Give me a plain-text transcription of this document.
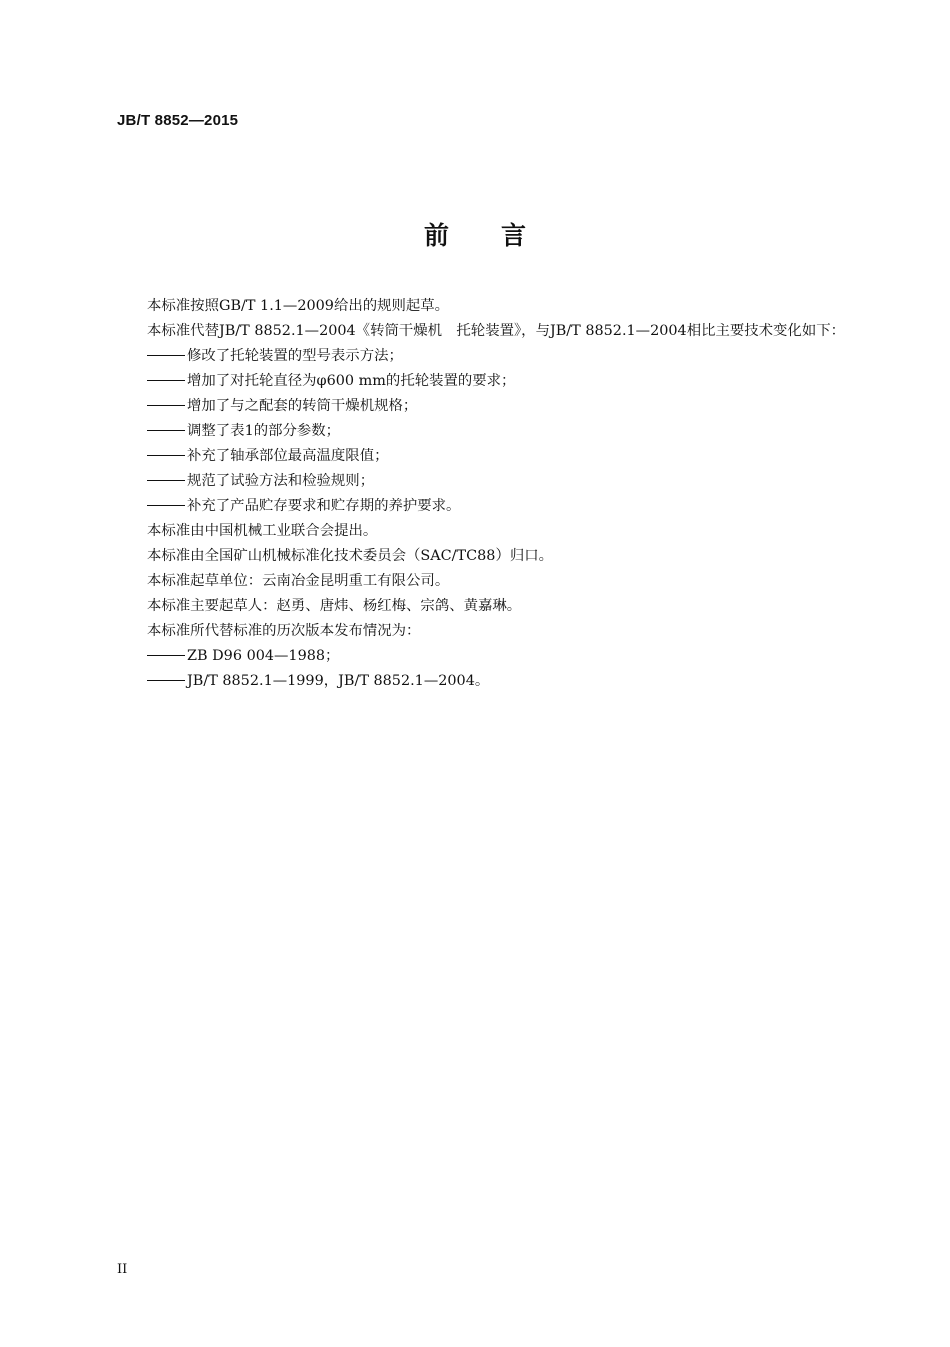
JB/T 8852—2015
前言

本标准按照GB/T 1.1—2009给出的规则起草。

本标准代替JB/T 8852.1—2004《转筒干燥机　托轮装置》，与JB/T 8852.1—2004相比主要技术变化如下：

修改了托轮装置的型号表示方法；

增加了对托轮直径为φ600 mm的托轮装置的要求；

增加了与之配套的转筒干燥机规格；

调整了表1的部分参数；

补充了轴承部位最高温度限值；

规范了试验方法和检验规则；

补充了产品贮存要求和贮存期的养护要求。

本标准由中国机械工业联合会提出。

本标准由全国矿山机械标准化技术委员会（SAC/TC88）归口。

本标准起草单位：云南冶金昆明重工有限公司。

本标准主要起草人：赵勇、唐炜、杨红梅、宗鸽、黄嘉琳。

本标准所代替标准的历次版本发布情况为：

ZB D96 004—1988；

JB/T 8852.1—1999，JB/T 8852.1—2004。

II
